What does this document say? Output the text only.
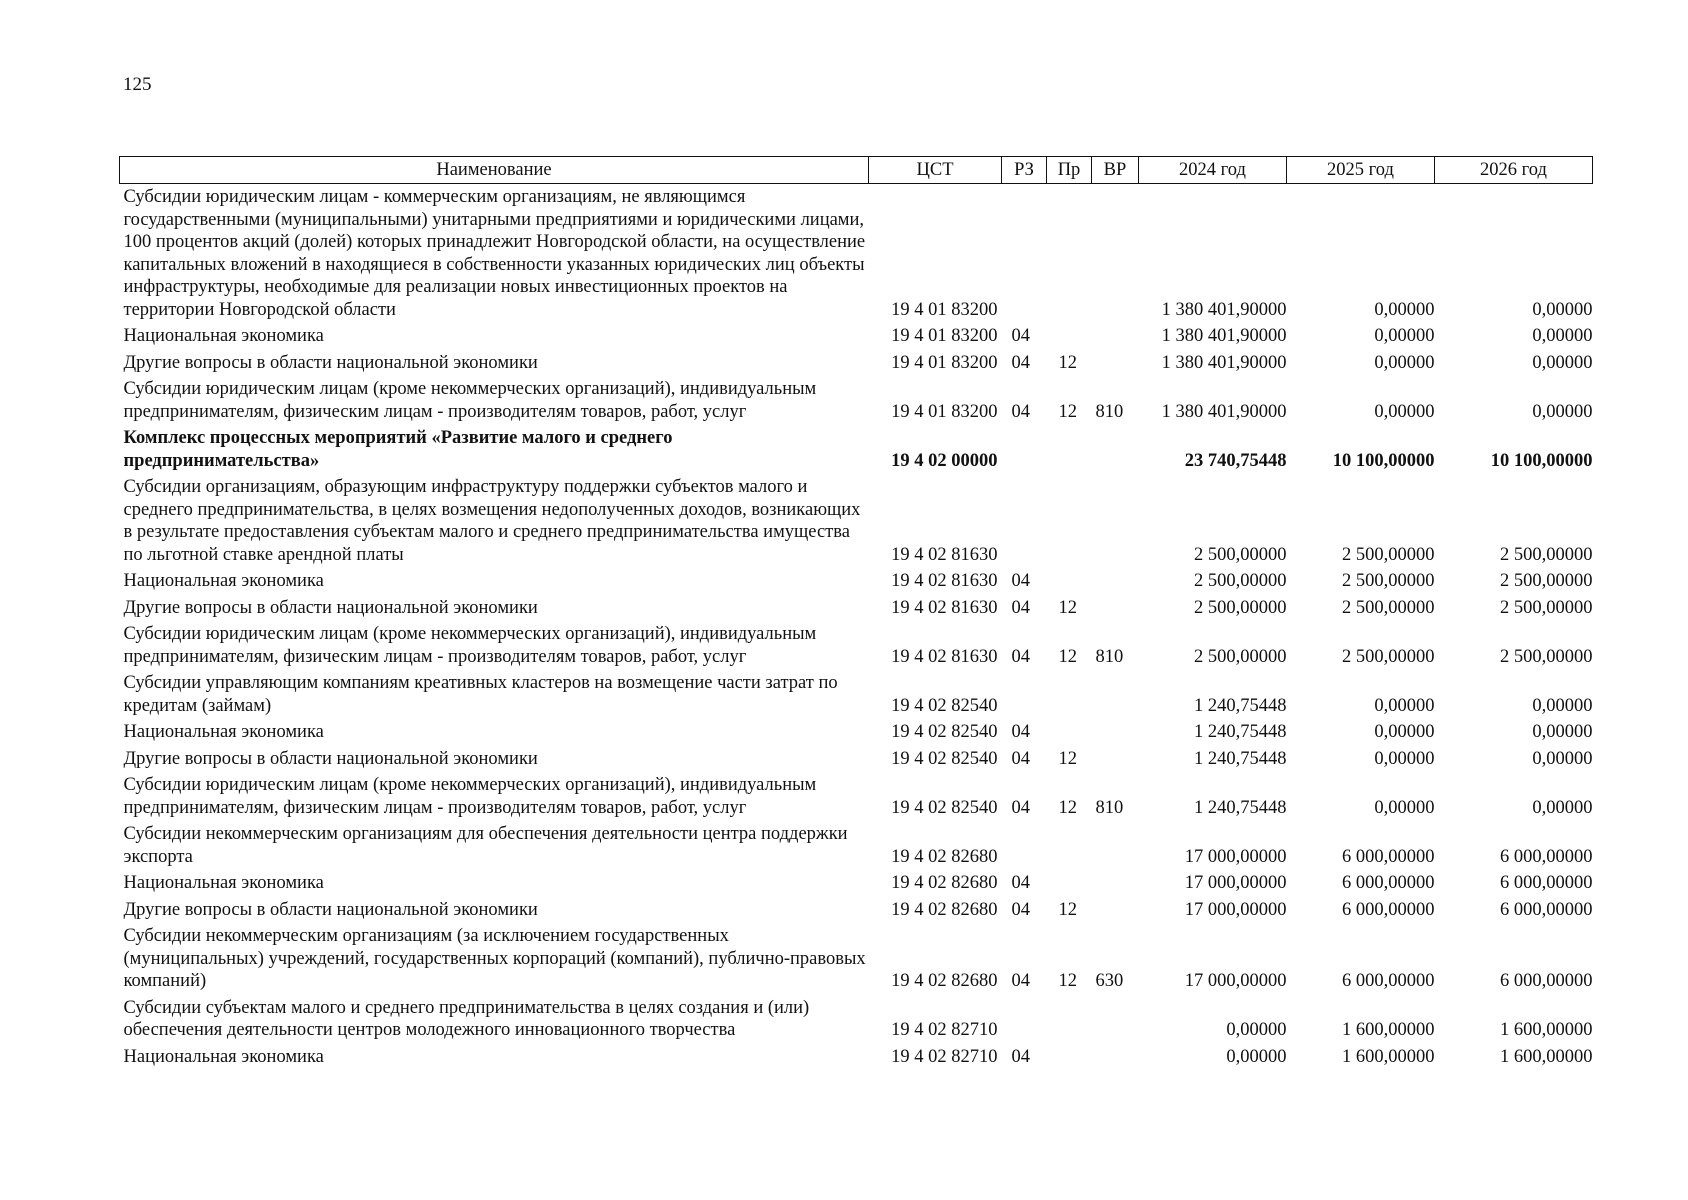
125
Наименование	ЦСТ	РЗ	Пр	ВР	2024 год	2025 год	2026 год
Субсидии юридическим лицам - коммерческим организациям, не являющимся государственными (муниципальными) унитарными предприятиями и юридическими лицами, 100 процентов акций (долей) которых принадлежит Новгородской области, на осуществление капитальных вложений в находящиеся в собственности указанных юридических лиц объекты инфраструктуры, необходимые для реализации новых инвестиционных проектов на территории Новгородской области	19 4 01 83200				1 380 401,90000	0,00000	0,00000
Национальная экономика	19 4 01 83200	04			1 380 401,90000	0,00000	0,00000
Другие вопросы в области национальной экономики	19 4 01 83200	04	12		1 380 401,90000	0,00000	0,00000
Субсидии юридическим лицам (кроме некоммерческих организаций), индивидуальным предпринимателям, физическим лицам - производителям товаров, работ, услуг	19 4 01 83200	04	12	810	1 380 401,90000	0,00000	0,00000
Комплекс процессных мероприятий «Развитие малого и среднего предпринимательства»	19 4 02 00000				23 740,75448	10 100,00000	10 100,00000
Субсидии организациям, образующим инфраструктуру поддержки субъектов малого и среднего предпринимательства, в целях возмещения недополученных доходов, возникающих в результате предоставления субъектам малого и среднего предпринимательства имущества по льготной ставке арендной платы	19 4 02 81630				2 500,00000	2 500,00000	2 500,00000
Национальная экономика	19 4 02 81630	04			2 500,00000	2 500,00000	2 500,00000
Другие вопросы в области национальной экономики	19 4 02 81630	04	12		2 500,00000	2 500,00000	2 500,00000
Субсидии юридическим лицам (кроме некоммерческих организаций), индивидуальным предпринимателям, физическим лицам - производителям товаров, работ, услуг	19 4 02 81630	04	12	810	2 500,00000	2 500,00000	2 500,00000
Субсидии управляющим компаниям креативных кластеров на возмещение части затрат по кредитам (займам)	19 4 02 82540				1 240,75448	0,00000	0,00000
Национальная экономика	19 4 02 82540	04			1 240,75448	0,00000	0,00000
Другие вопросы в области национальной экономики	19 4 02 82540	04	12		1 240,75448	0,00000	0,00000
Субсидии юридическим лицам (кроме некоммерческих организаций), индивидуальным предпринимателям, физическим лицам - производителям товаров, работ, услуг	19 4 02 82540	04	12	810	1 240,75448	0,00000	0,00000
Субсидии некоммерческим организациям для обеспечения деятельности центра поддержки экспорта	19 4 02 82680				17 000,00000	6 000,00000	6 000,00000
Национальная экономика	19 4 02 82680	04			17 000,00000	6 000,00000	6 000,00000
Другие вопросы в области национальной экономики	19 4 02 82680	04	12		17 000,00000	6 000,00000	6 000,00000
Субсидии некоммерческим организациям (за исключением государственных (муниципальных) учреждений, государственных корпораций (компаний), публично-правовых компаний)	19 4 02 82680	04	12	630	17 000,00000	6 000,00000	6 000,00000
Субсидии субъектам малого и среднего предпринимательства в целях создания и (или) обеспечения деятельности центров молодежного инновационного творчества	19 4 02 82710				0,00000	1 600,00000	1 600,00000
Национальная экономика	19 4 02 82710	04			0,00000	1 600,00000	1 600,00000
